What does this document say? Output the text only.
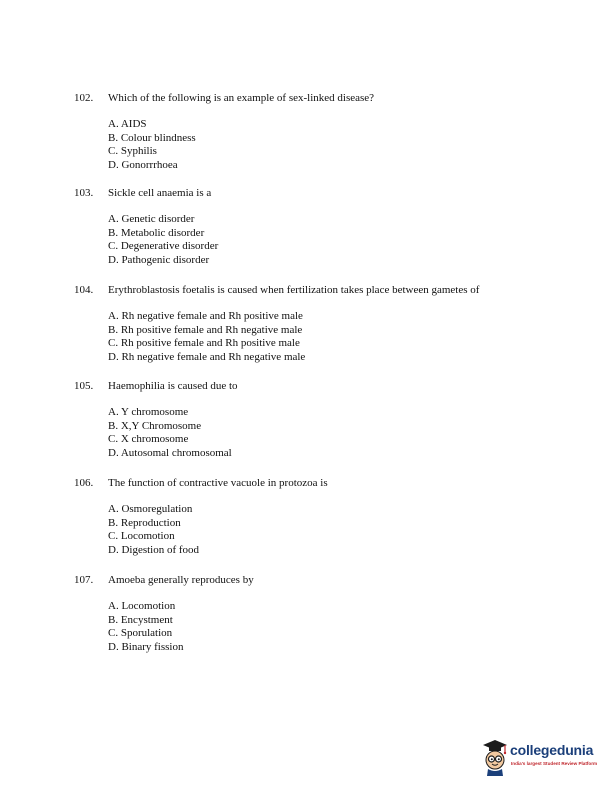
102.	Which of the following is an example of sex-linked disease?
A. AIDS
B. Colour blindness
C. Syphilis
D. Gonorrrhoea
103.	Sickle cell anaemia is a
A. Genetic disorder
B. Metabolic disorder
C. Degenerative disorder
D. Pathogenic disorder
104.	Erythroblastosis foetalis is caused when fertilization takes place between gametes of
A. Rh negative female and Rh positive male
B. Rh positive female and Rh negative male
C. Rh positive female and Rh positive male
D. Rh negative female and Rh negative male
105.	Haemophilia is caused due to
A. Y chromosome
B. X,Y Chromosome
C. X chromosome
D. Autosomal chromosomal
106.	The function of contractive vacuole in protozoa is
A. Osmoregulation
B. Reproduction
C. Locomotion
D. Digestion of food
107.	Amoeba generally reproduces by
A. Locomotion
B. Encystment
C. Sporulation
D. Binary fission
collegedunia
India's largest Student Review Platform
